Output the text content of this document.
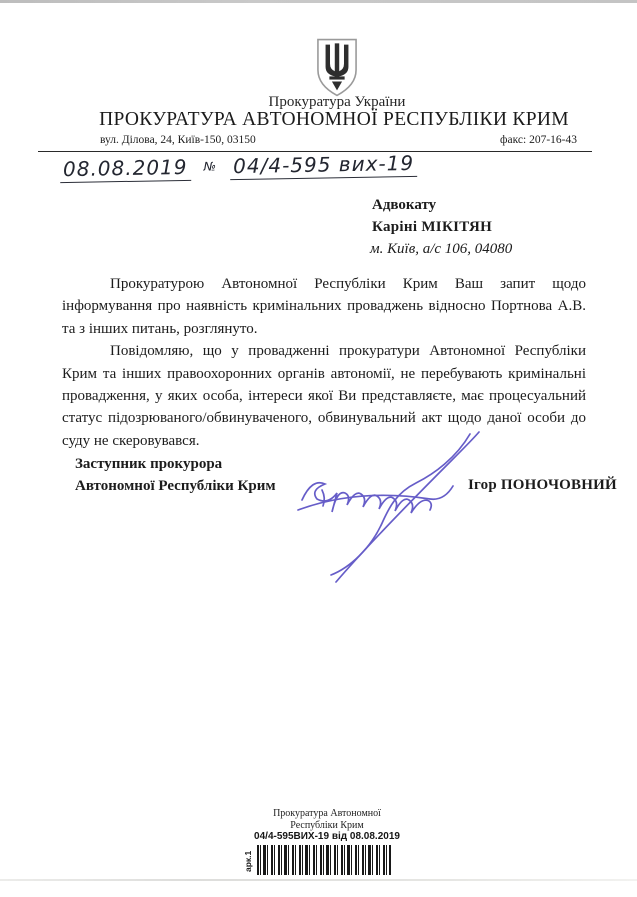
Прокуратура України
ПРОКУРАТУРА АВТОНОМНОЇ РЕСПУБЛІКИ КРИМ
вул. Ділова, 24, Київ-150, 03150	факс: 207-16-43
08.08.2019 № 04/4-595 вих-19
Адвокату
Каріні МІКІТЯН
м. Київ, а/с 106, 04080

Прокуратурою Автономної Республіки Крим Ваш запит щодо інформування про наявність кримінальних проваджень відносно Портнова А.В. та з інших питань, розглянуто.

Повідомляю, що у провадженні прокуратури Автономної Республіки Крим та інших правоохоронних органів автономії, не перебувають кримінальні провадження, у яких особа, інтереси якої Ви представляєте, має процесуальний статус підозрюваного/обвинуваченого, обвинувальний акт щодо даної особи до суду не скеровувався.

Заступник прокурора
Автономної Республіки Крим	Ігор ПОНОЧОВНИЙ
Прокуратура Автономної
Республіки Крим
04/4-595ВИХ-19 від 08.08.2019
арк.1
